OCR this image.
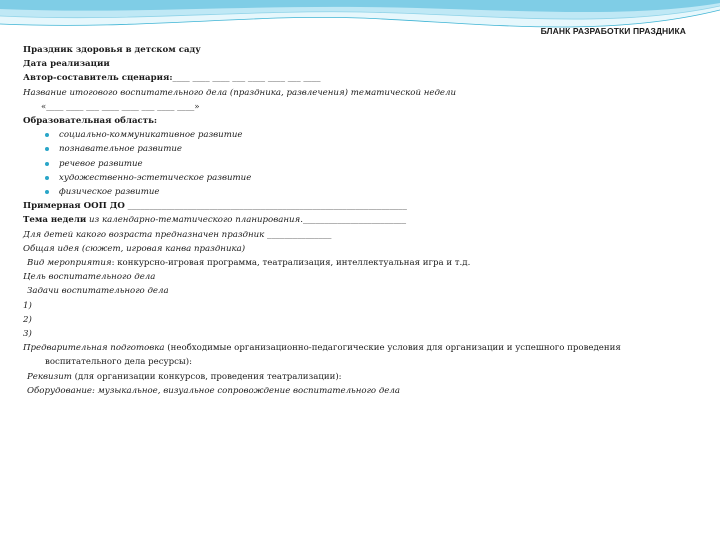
БЛАНК РАЗРАБОТКИ ПРАЗДНИКА
Праздник здоровья в детском саду
Дата реализации
Автор-составитель сценария:____ ____ ____ ___ ____ ____ ___ ____
Название итогового воспитательного дела (праздника, развлечения) тематической недели
«____ ____ ___ ____ ____ ___ ____ ____»
Образовательная область:
социально-коммуникативное развитие
познавательное развитие
речевое развитие
художественно-эстетическое развитие
физическое развитие
Примерная ООП ДО _________________________________________________________________
Тема недели из календарно-тематического планирования.________________________
Для детей какого возраста предназначен праздник _______________
Общая идея (сюжет, игровая канва праздника)
Вид мероприятия: конкурсно-игровая программа, театрализация, интеллектуальная игра и т.д.
Цель воспитательного дела
Задачи воспитательного дела
1)
2)
3)
Предварительная подготовка (необходимые организационно-педагогические условия для организации и успешного проведения воспитательного дела ресурсы):
Реквизит (для организации конкурсов, проведения театрализации):
Оборудование: музыкальное, визуальное сопровождение воспитательного дела
